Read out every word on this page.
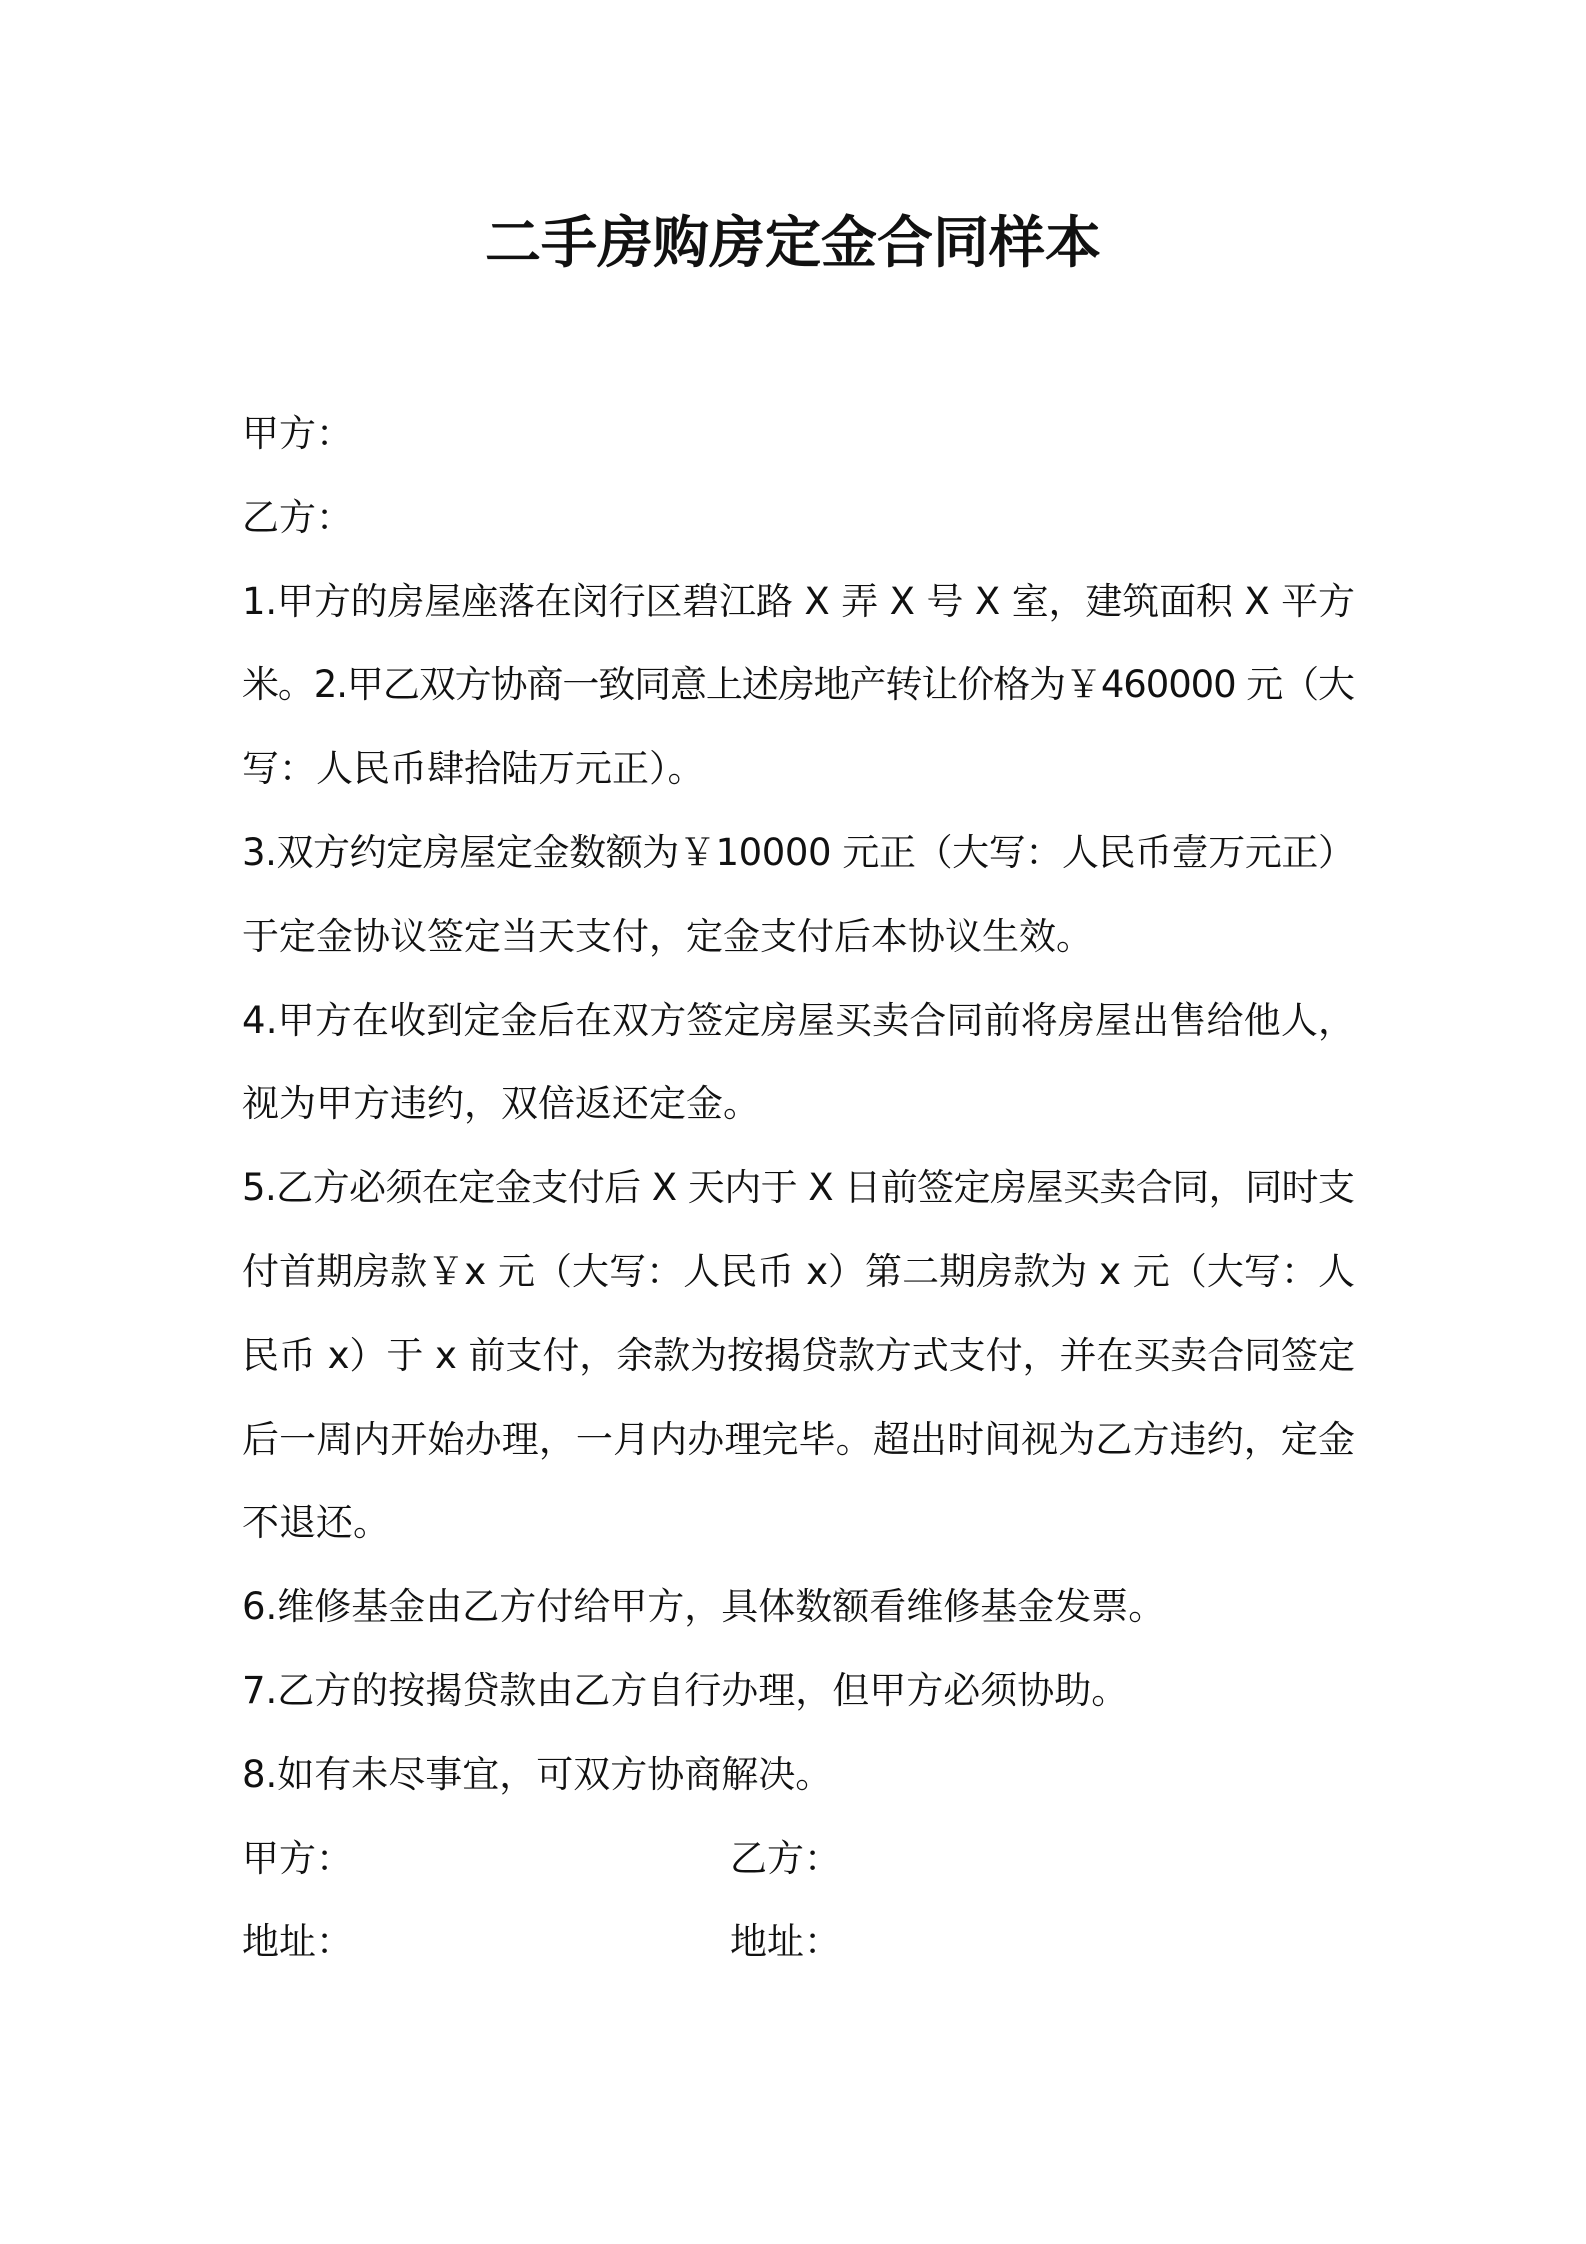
二手房购房定金合同样本
甲方：
乙方：
1.甲方的房屋座落在闵行区碧江路 X 弄 X 号 X 室，建筑面积 X 平方
米。2.甲乙双方协商一致同意上述房地产转让价格为￥460000 元（大
写：人民币肆拾陆万元正）。
3.双方约定房屋定金数额为￥10000 元正（大写：人民币壹万元正）
于定金协议签定当天支付，定金支付后本协议生效。
4.甲方在收到定金后在双方签定房屋买卖合同前将房屋出售给他人，
视为甲方违约，双倍返还定金。
5.乙方必须在定金支付后 X 天内于 X 日前签定房屋买卖合同，同时支
付首期房款￥x 元（大写：人民币 x）第二期房款为 x 元（大写：人
民币 x）于 x 前支付，余款为按揭贷款方式支付，并在买卖合同签定
后一周内开始办理，一月内办理完毕。超出时间视为乙方违约，定金
不退还。
6.维修基金由乙方付给甲方，具体数额看维修基金发票。
7.乙方的按揭贷款由乙方自行办理，但甲方必须协助。
8.如有未尽事宜，可双方协商解决。
甲方：	乙方：
地址：	地址：
